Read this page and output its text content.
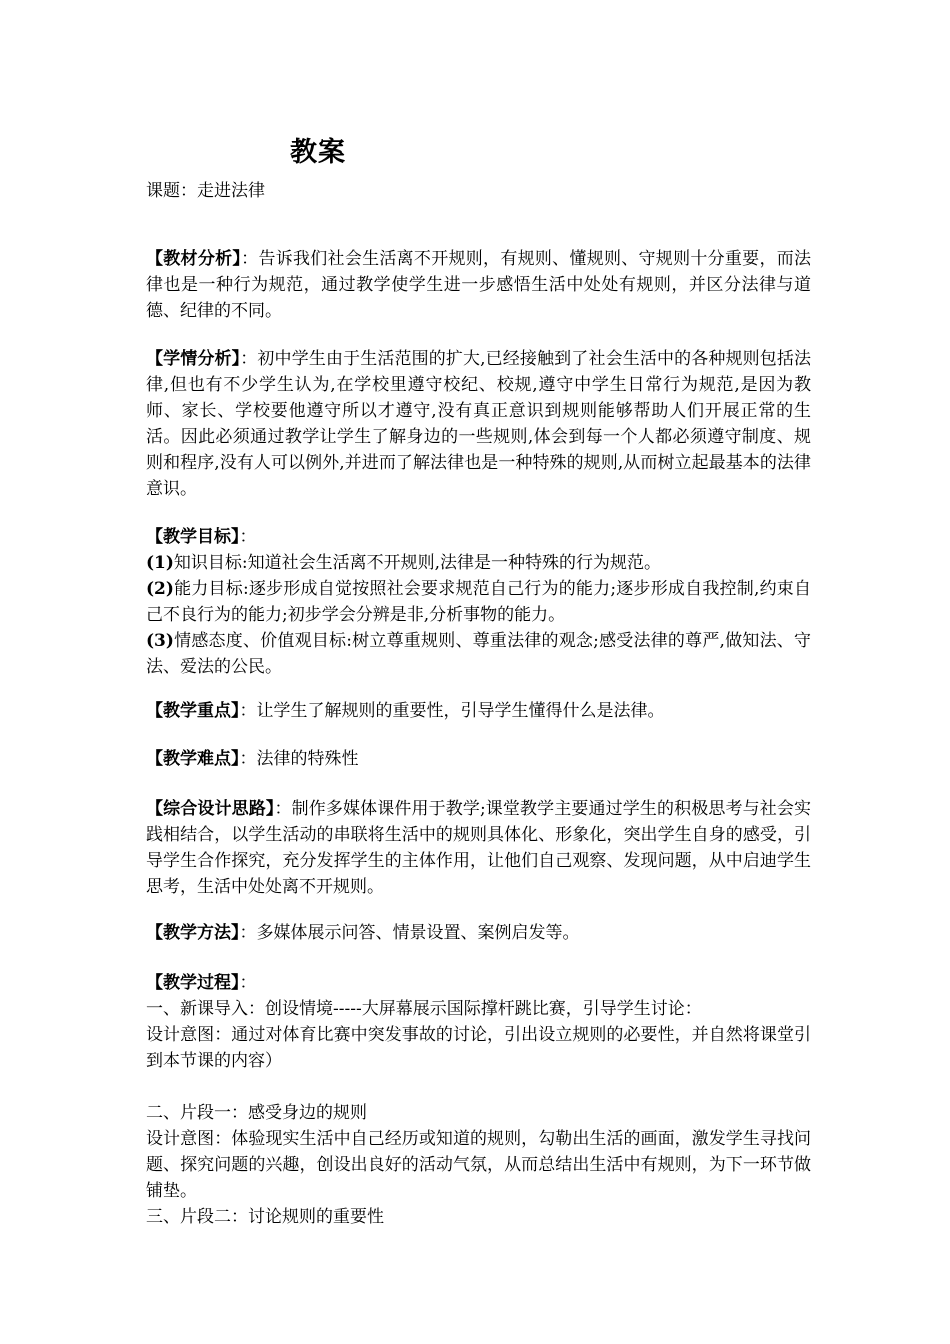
教案
课题：走进法律
【教材分析】：告诉我们社会生活离不开规则，有规则、懂规则、守规则十分重要，而法律也是一种行为规范，通过教学使学生进一步感悟生活中处处有规则，并区分法律与道德、纪律的不同。
【学情分析】：初中学生由于生活范围的扩大,已经接触到了社会生活中的各种规则包括法律,但也有不少学生认为,在学校里遵守校纪、校规,遵守中学生日常行为规范,是因为教师、家长、学校要他遵守所以才遵守,没有真正意识到规则能够帮助人们开展正常的生活。因此必须通过教学让学生了解身边的一些规则,体会到每一个人都必须遵守制度、规则和程序,没有人可以例外,并进而了解法律也是一种特殊的规则,从而树立起最基本的法律意识。
【教学目标】：
(1)知识目标:知道社会生活离不开规则,法律是一种特殊的行为规范。
(2)能力目标:逐步形成自觉按照社会要求规范自己行为的能力;逐步形成自我控制,约束自己不良行为的能力;初步学会分辨是非,分析事物的能力。
(3)情感态度、价值观目标:树立尊重规则、尊重法律的观念;感受法律的尊严,做知法、守法、爱法的公民。
【教学重点】：让学生了解规则的重要性，引导学生懂得什么是法律。
【教学难点】：法律的特殊性
【综合设计思路】：制作多媒体课件用于教学;课堂教学主要通过学生的积极思考与社会实践相结合，以学生活动的串联将生活中的规则具体化、形象化，突出学生自身的感受，引导学生合作探究，充分发挥学生的主体作用，让他们自己观察、发现问题，从中启迪学生思考，生活中处处离不开规则。
【教学方法】：多媒体展示问答、情景设置、案例启发等。
【教学过程】：
一、新课导入：创设情境-----大屏幕展示国际撑杆跳比赛，引导学生讨论：
设计意图：通过对体育比赛中突发事故的讨论，引出设立规则的必要性，并自然将课堂引到本节课的内容）
二、片段一：感受身边的规则
设计意图：体验现实生活中自己经历或知道的规则，勾勒出生活的画面，激发学生寻找问题、探究问题的兴趣，创设出良好的活动气氛，从而总结出生活中有规则，为下一环节做铺垫。
三、片段二：讨论规则的重要性
